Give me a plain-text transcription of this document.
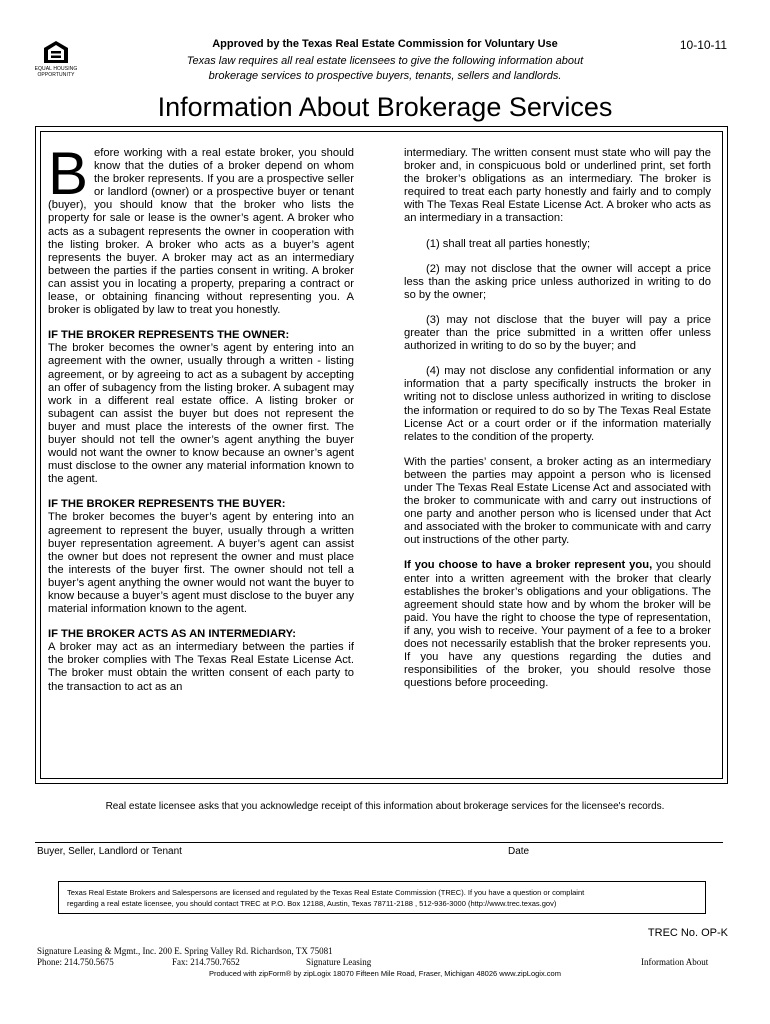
EQUAL HOUSING
OPPORTUNITY
Approved by the Texas Real Estate Commission for Voluntary Use	10-10-11
Texas law requires all real estate licensees to give the following information about
brokerage services to prospective buyers, tenants, sellers and landlords.
Information About Brokerage Services

B efore working with a real estate broker, you should know that the duties of a broker depend on whom the broker represents. If you are a prospective seller or landlord (owner) or a prospective buyer or tenant (buyer), you should know that the broker who lists the property for sale or lease is the owner’s agent. A broker who acts as a subagent represents the owner in cooperation with the listing broker. A broker who acts as a buyer’s agent represents the buyer. A broker may act as an intermediary between the parties if the parties consent in writing. A broker can assist you in locating a property, preparing a contract or lease, or obtaining financing without representing you. A broker is obligated by law to treat you honestly.

IF THE BROKER REPRESENTS THE OWNER:

The broker becomes the owner’s agent by entering into an agreement with the owner, usually through a written - listing agreement, or by agreeing to act as a subagent by accepting an offer of subagency from the listing broker. A subagent may work in a different real estate office. A listing broker or subagent can assist the buyer but does not represent the buyer and must place the interests of the owner first. The buyer should not tell the owner’s agent anything the buyer would not want the owner to know because an owner’s agent must disclose to the owner any material information known to the agent.

IF THE BROKER REPRESENTS THE BUYER:

The broker becomes the buyer’s agent by entering into an agreement to represent the buyer, usually through a written buyer representation agreement. A buyer’s agent can assist the owner but does not represent the owner and must place the interests of the buyer first. The owner should not tell a buyer’s agent anything the owner would not want the buyer to know because a buyer’s agent must disclose to the buyer any material information known to the agent.

IF THE BROKER ACTS AS AN INTERMEDIARY:

A broker may act as an intermediary between the parties if the broker complies with The Texas Real Estate License Act. The broker must obtain the written consent of each party to the transaction to act as an

intermediary. The written consent must state who will pay the broker and, in conspicuous bold or underlined print, set forth the broker’s obligations as an intermediary. The broker is required to treat each party honestly and fairly and to comply with The Texas Real Estate License Act. A broker who acts as an intermediary in a transaction:

(1) shall treat all parties honestly;

(2) may not disclose that the owner will accept a price less than the asking price unless authorized in writing to do so by the owner;

(3) may not disclose that the buyer will pay a price greater than the price submitted in a written offer unless authorized in writing to do so by the buyer; and

(4) may not disclose any confidential information or any information that a party specifically instructs the broker in writing not to disclose unless authorized in writing to disclose the information or required to do so by The Texas Real Estate License Act or a court order or if the information materially relates to the condition of the property.

With the parties’ consent, a broker acting as an intermediary between the parties may appoint a person who is licensed under The Texas Real Estate License Act and associated with the broker to communicate with and carry out instructions of one party and another person who is licensed under that Act and associated with the broker to communicate with and carry out instructions of the other party.

If you choose to have a broker represent you, you should enter into a written agreement with the broker that clearly establishes the broker’s obligations and your obligations. The agreement should state how and by whom the broker will be paid. You have the right to choose the type of representation, if any, you wish to receive. Your payment of a fee to a broker does not necessarily establish that the broker represents you. If you have any questions regarding the duties and responsibilities of the broker, you should resolve those questions before proceeding.

Real estate licensee asks that you acknowledge receipt of this information about brokerage services for the licensee's records.
Buyer, Seller, Landlord or Tenant	Date
Texas Real Estate Brokers and Salespersons are licensed and regulated by the Texas Real Estate Commission (TREC). If you have a question or complaint
regarding a real estate licensee, you should contact TREC at P.O. Box 12188, Austin, Texas 78711-2188 , 512-936-3000 (http://www.trec.texas.gov)
TREC No. OP-K
Signature Leasing & Mgmt., Inc. 200 E. Spring Valley Rd. Richardson, TX 75081
Phone: 214.750.5675	Fax: 214.750.7652	Signature Leasing	Information About
Produced with zipForm® by zipLogix 18070 Fifteen Mile Road, Fraser, Michigan 48026 www.zipLogix.com
